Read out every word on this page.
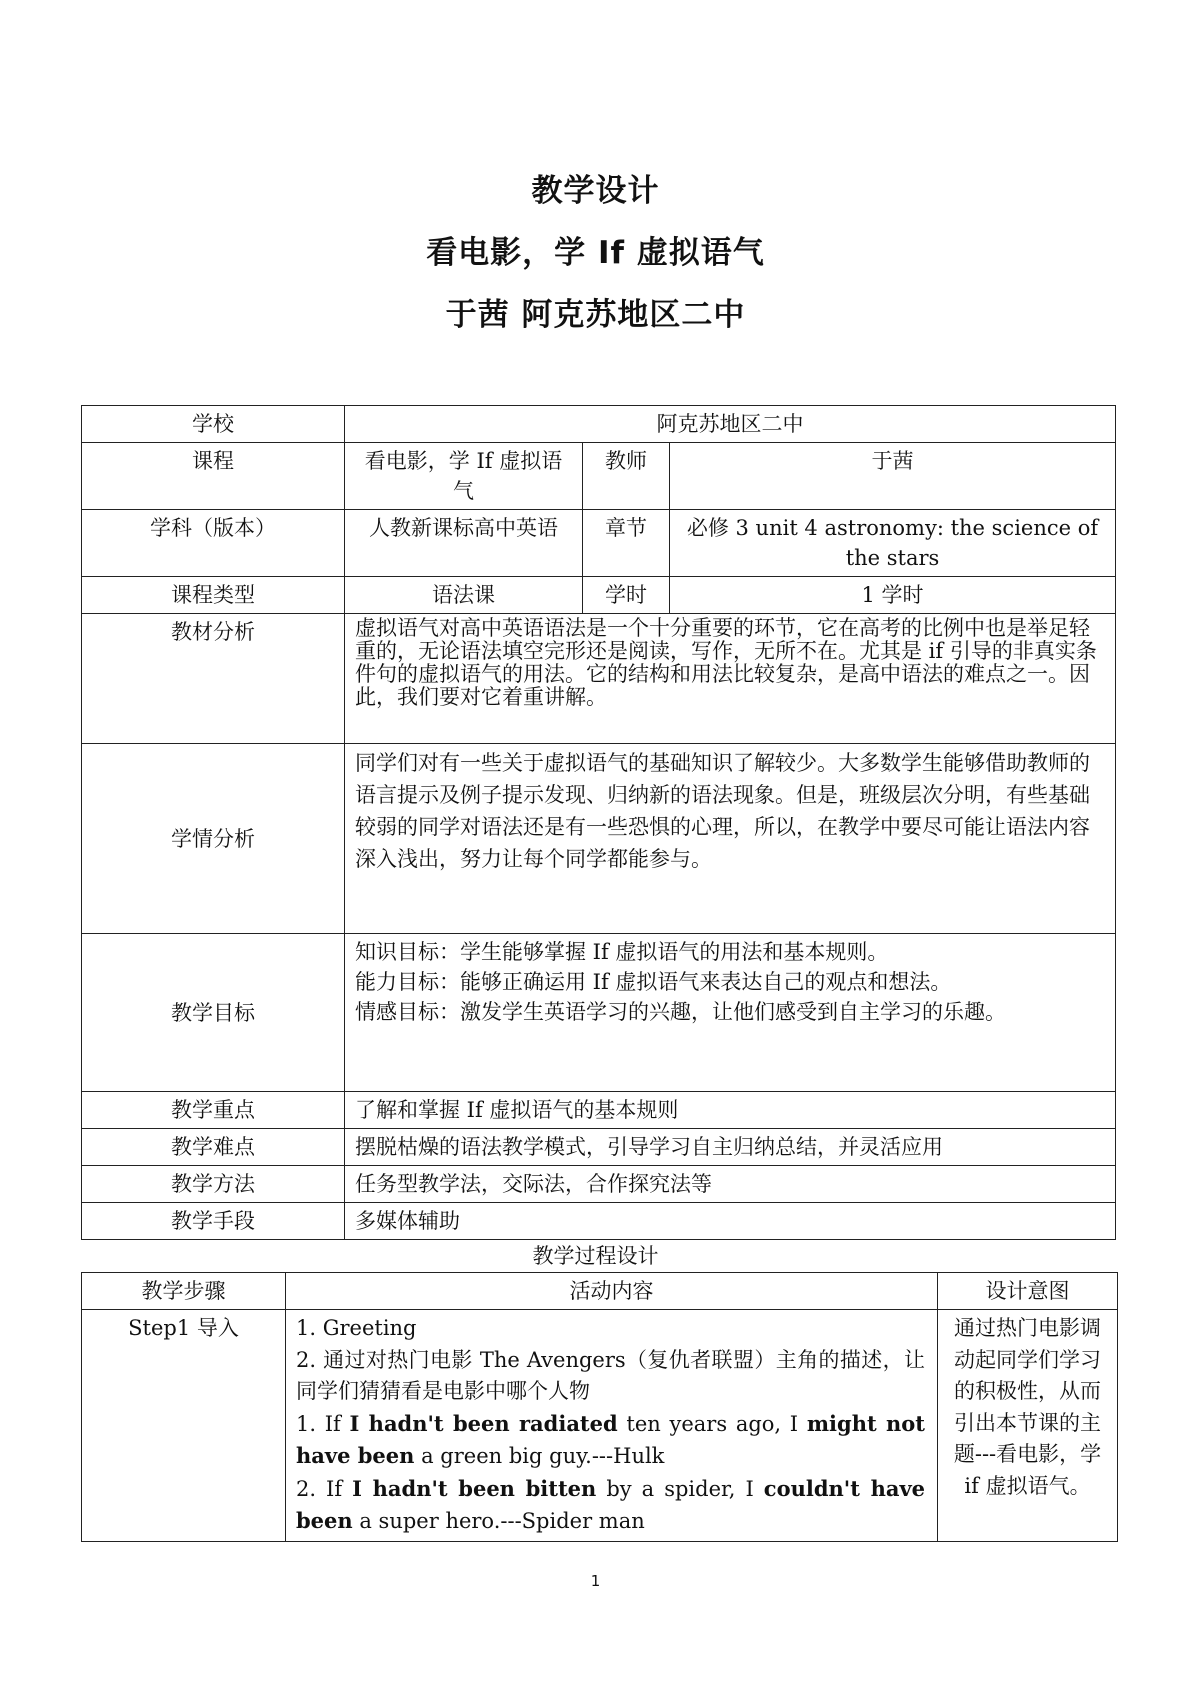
教学设计
看电影，学 If 虚拟语气
于茜 阿克苏地区二中
学校	阿克苏地区二中		
课程	看电影，学 If 虚拟语气	教师	于茜
学科（版本）	人教新课标高中英语	章节	必修 3 unit 4 astronomy: the science of the stars
课程类型	语法课	学时	1 学时
教材分析	虚拟语气对高中英语语法是一个十分重要的环节，它在高考的比例中也是举足轻重的，无论语法填空完形还是阅读，写作，无所不在。尤其是 if 引导的非真实条件句的虚拟语气的用法。它的结构和用法比较复杂，是高中语法的难点之一。因此，我们要对它着重讲解。		
学情分析	同学们对有一些关于虚拟语气的基础知识了解较少。大多数学生能够借助教师的语言提示及例子提示发现、归纳新的语法现象。但是，班级层次分明，有些基础较弱的同学对语法还是有一些恐惧的心理，所以，在教学中要尽可能让语法内容深入浅出，努力让每个同学都能参与。		
教学目标	知识目标：学生能够掌握 If 虚拟语气的用法和基本规则。
能力目标：能够正确运用 If 虚拟语气来表达自己的观点和想法。
情感目标：激发学生英语学习的兴趣，让他们感受到自主学习的乐趣。		

教学重点	了解和掌握 If 虚拟语气的基本规则		
教学难点	摆脱枯燥的语法教学模式，引导学习自主归纳总结，并灵活应用		
教学方法	任务型教学法，交际法，合作探究法等		
教学手段	多媒体辅助		
教学过程设计
教学步骤	活动内容	设计意图
Step1 导入	1. Greeting
2. 通过对热门电影 The Avengers（复仇者联盟）主角的描述，让同学们猜猜看是电影中哪个人物
1. If I hadn't been radiated ten years ago, I might not have been a green big guy.---Hulk
2. If I hadn't been bitten by a spider, I couldn't have been a super hero.---Spider man	通过热门电影调动起同学们学习的积极性，从而引出本节课的主题---看电影，学 if 虚拟语气。
1
